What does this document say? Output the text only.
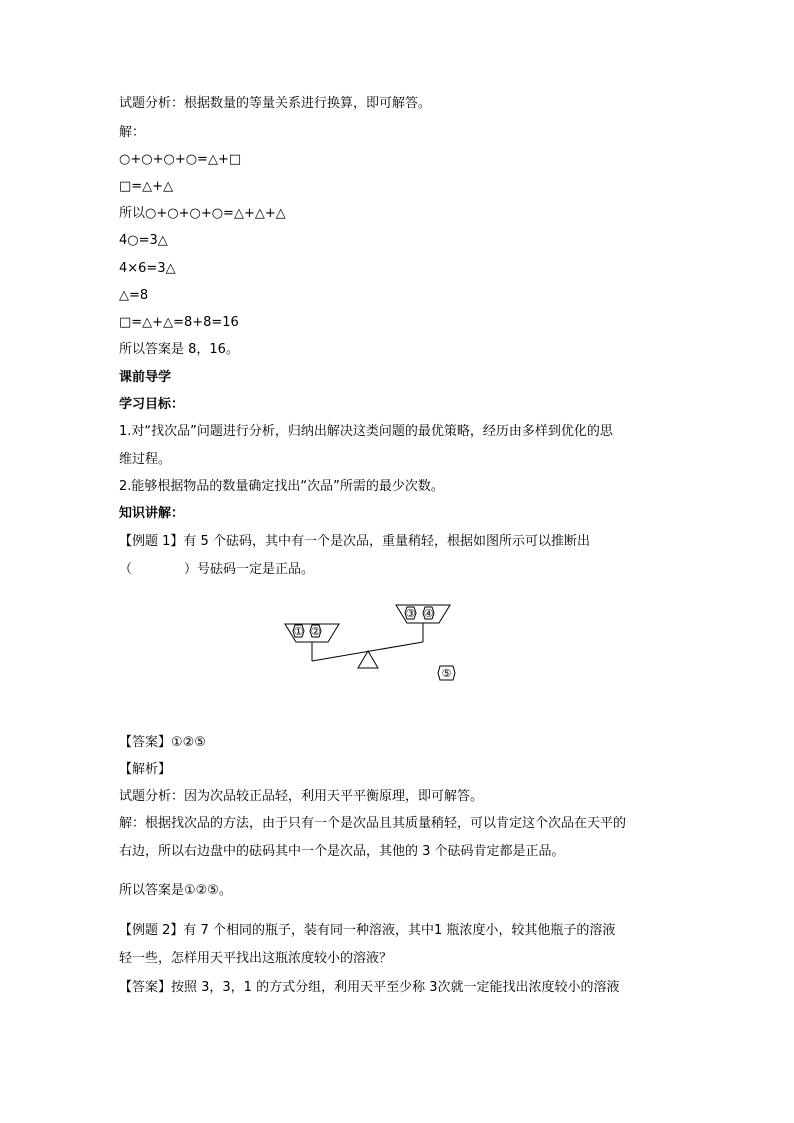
试题分析：根据数量的等量关系进行换算，即可解答。
解：
○+○+○+○=△+□
□=△+△
所以○+○+○+○=△+△+△
4○=3△
4×6=3△
△=8
□=△+△=8+8=16
所以答案是 8，16。
课前导学
学习目标：
1.对“找次品”问题进行分析，归纳出解决这类问题的最优策略，经历由多样到优化的思
维过程。
2.能够根据物品的数量确定找出“次品”所需的最少次数。
知识讲解：
【例题 1】有 5 个砝码，其中有一个是次品，重量稍轻，根据如图所示可以推断出
（　　　　）号砝码一定是正品。
① ②
③ ④
⑤
【答案】①②⑤
【解析】
试题分析：因为次品较正品轻，利用天平平衡原理，即可解答。
解：根据找次品的方法，由于只有一个是次品且其质量稍轻，可以肯定这个次品在天平的
右边，所以右边盘中的砝码其中一个是次品，其他的 3 个砝码肯定都是正品。
所以答案是①②⑤。
【例题 2】有 7 个相同的瓶子，装有同一种溶液，其中1 瓶浓度小，较其他瓶子的溶液
轻一些，怎样用天平找出这瓶浓度较小的溶液？
【答案】按照 3，3，1 的方式分组，利用天平至少称 3次就一定能找出浓度较小的溶液
